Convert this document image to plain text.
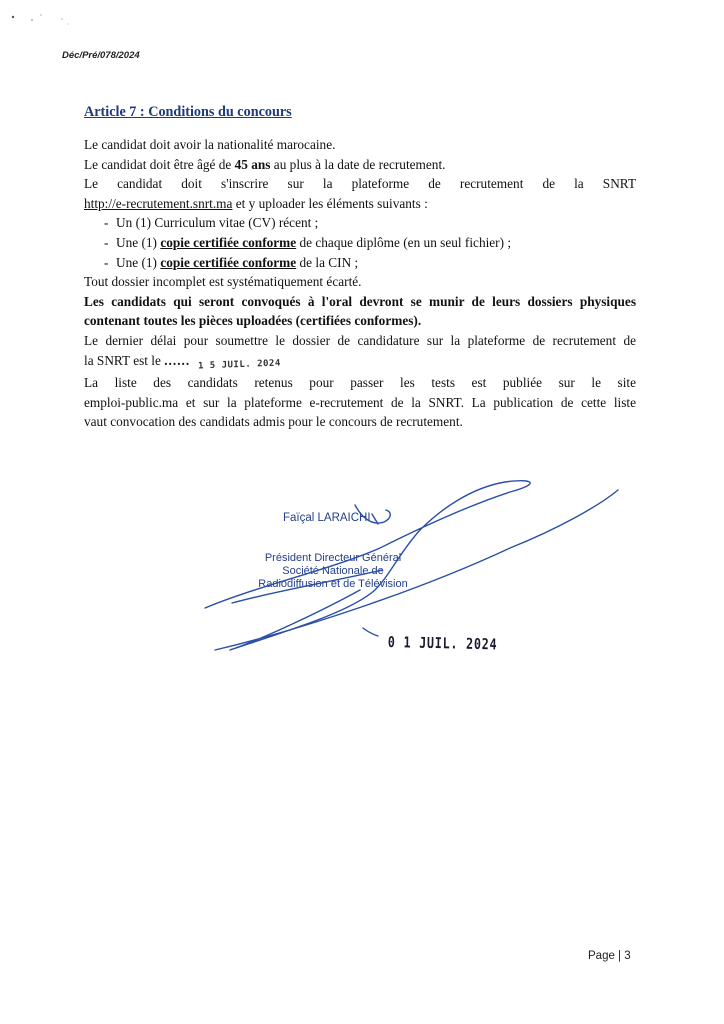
Déc/Pré/078/2024
Article 7 : Conditions du concours

Le candidat doit avoir la nationalité marocaine.

Le candidat doit être âgé de 45 ans au plus à la date de recrutement.

Le candidat doit s'inscrire sur la plateforme de recrutement de la SNRT

http://e-recrutement.snrt.ma et y uploader les éléments suivants :

- Un (1) Curriculum vitae (CV) récent ;
- Une (1) copie certifiée conforme de chaque diplôme (en un seul fichier) ;
- Une (1) copie certifiée conforme de la CIN ;

Tout dossier incomplet est systématiquement écarté.

Les candidats qui seront convoqués à l'oral devront se munir de leurs dossiers physiques

contenant toutes les pièces uploadées (certifiées conformes).

Le dernier délai pour soumettre le dossier de candidature sur la plateforme de recrutement de

la SNRT est le ...... 1 5 JUIL. 2024

La liste des candidats retenus pour passer les tests est publiée sur le site

emploi-public.ma et sur la plateforme e-recrutement de la SNRT. La publication de cette liste

vaut convocation des candidats admis pour le concours de recrutement.

Faïçal LARAICHI
Président Directeur Général
Société Nationale de
Radiodiffusion et de Télévision
0 1 JUIL. 2024
Page | 3
